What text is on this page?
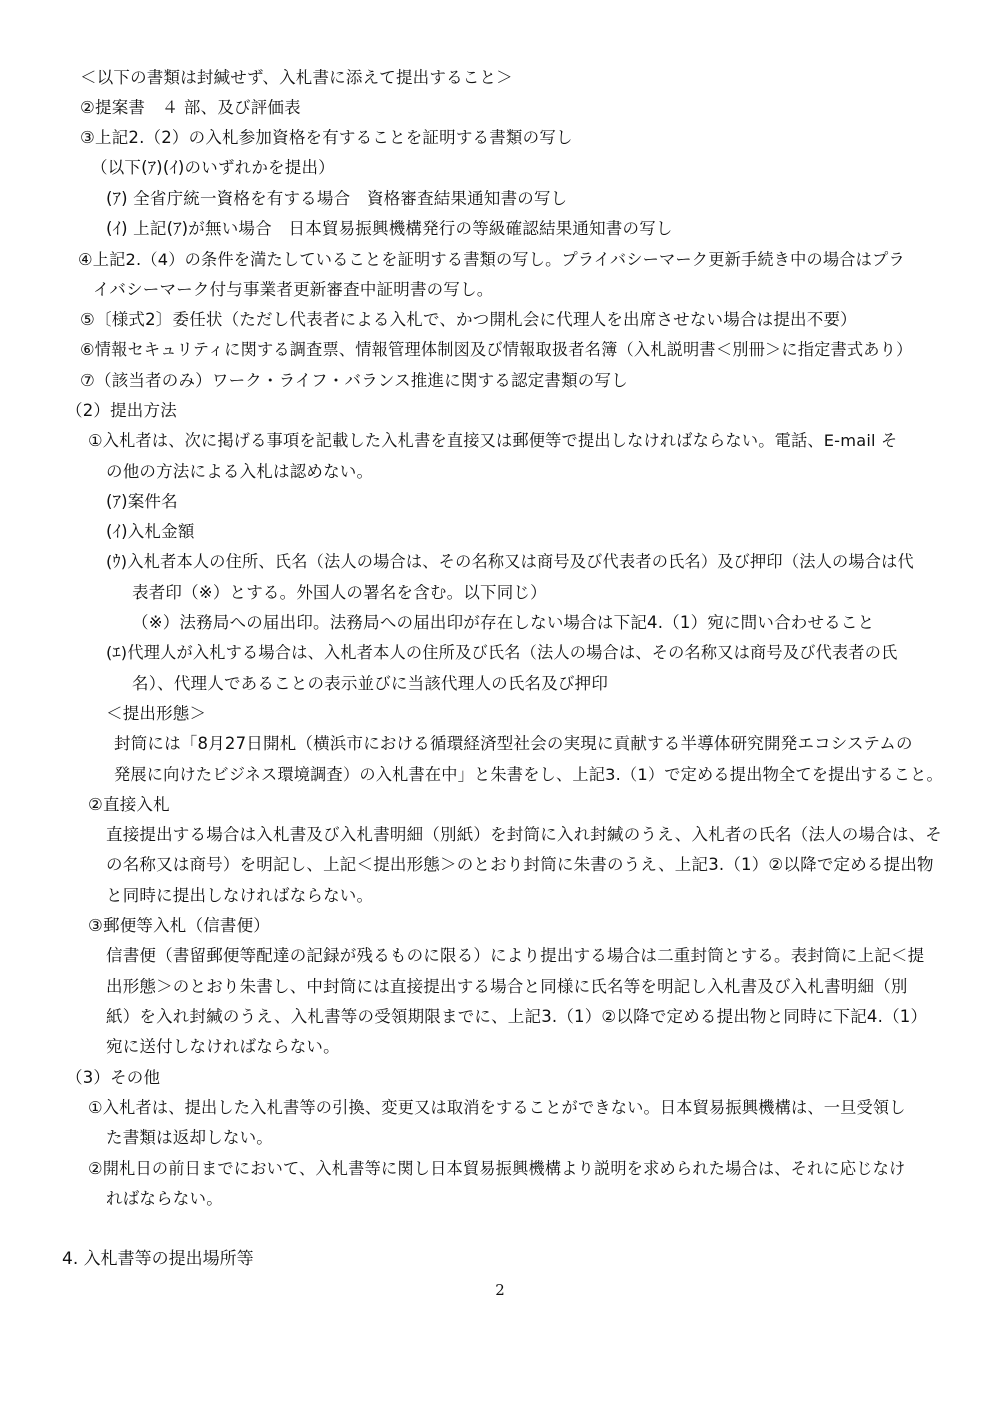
＜以下の書類は封緘せず、入札書に添えて提出すること＞
②提案書　４ 部、及び評価表
③上記2.（2）の入札参加資格を有することを証明する書類の写し
（以下(ｱ)(ｲ)のいずれかを提出）
(ｱ) 全省庁統一資格を有する場合　資格審査結果通知書の写し
(ｲ) 上記(ｱ)が無い場合　日本貿易振興機構発行の等級確認結果通知書の写し
④上記2.（4）の条件を満たしていることを証明する書類の写し。プライバシーマーク更新手続き中の場合はプラ
イバシーマーク付与事業者更新審査中証明書の写し。
⑤〔様式2〕委任状（ただし代表者による入札で、かつ開札会に代理人を出席させない場合は提出不要）
⑥情報セキュリティに関する調査票、情報管理体制図及び情報取扱者名簿（入札説明書＜別冊＞に指定書式あり）
⑦（該当者のみ）ワーク・ライフ・バランス推進に関する認定書類の写し
（2）提出方法
①入札者は、次に掲げる事項を記載した入札書を直接又は郵便等で提出しなければならない。電話、E-mail そ
の他の方法による入札は認めない。
(ｱ)案件名
(ｲ)入札金額
(ｳ)入札者本人の住所、氏名（法人の場合は、その名称又は商号及び代表者の氏名）及び押印（法人の場合は代
表者印（※）とする。外国人の署名を含む。以下同じ）
（※）法務局への届出印。法務局への届出印が存在しない場合は下記4.（1）宛に問い合わせること
(ｴ)代理人が入札する場合は、入札者本人の住所及び氏名（法人の場合は、その名称又は商号及び代表者の氏
名）、代理人であることの表示並びに当該代理人の氏名及び押印
＜提出形態＞
封筒には「8月27日開札（横浜市における循環経済型社会の実現に貢献する半導体研究開発エコシステムの
発展に向けたビジネス環境調査）の入札書在中」と朱書をし、上記3.（1）で定める提出物全てを提出すること。
②直接入札
直接提出する場合は入札書及び入札書明細（別紙）を封筒に入れ封緘のうえ、入札者の氏名（法人の場合は、そ
の名称又は商号）を明記し、上記＜提出形態＞のとおり封筒に朱書のうえ、上記3.（1）②以降で定める提出物
と同時に提出しなければならない。
③郵便等入札（信書便）
信書便（書留郵便等配達の記録が残るものに限る）により提出する場合は二重封筒とする。表封筒に上記＜提
出形態＞のとおり朱書し、中封筒には直接提出する場合と同様に氏名等を明記し入札書及び入札書明細（別
紙）を入れ封緘のうえ、入札書等の受領期限までに、上記3.（1）②以降で定める提出物と同時に下記4.（1）
宛に送付しなければならない。
（3）その他
①入札者は、提出した入札書等の引換、変更又は取消をすることができない。日本貿易振興機構は、一旦受領し
た書類は返却しない。
②開札日の前日までにおいて、入札書等に関し日本貿易振興機構より説明を求められた場合は、それに応じなけ
ればならない。
4. 入札書等の提出場所等
2
